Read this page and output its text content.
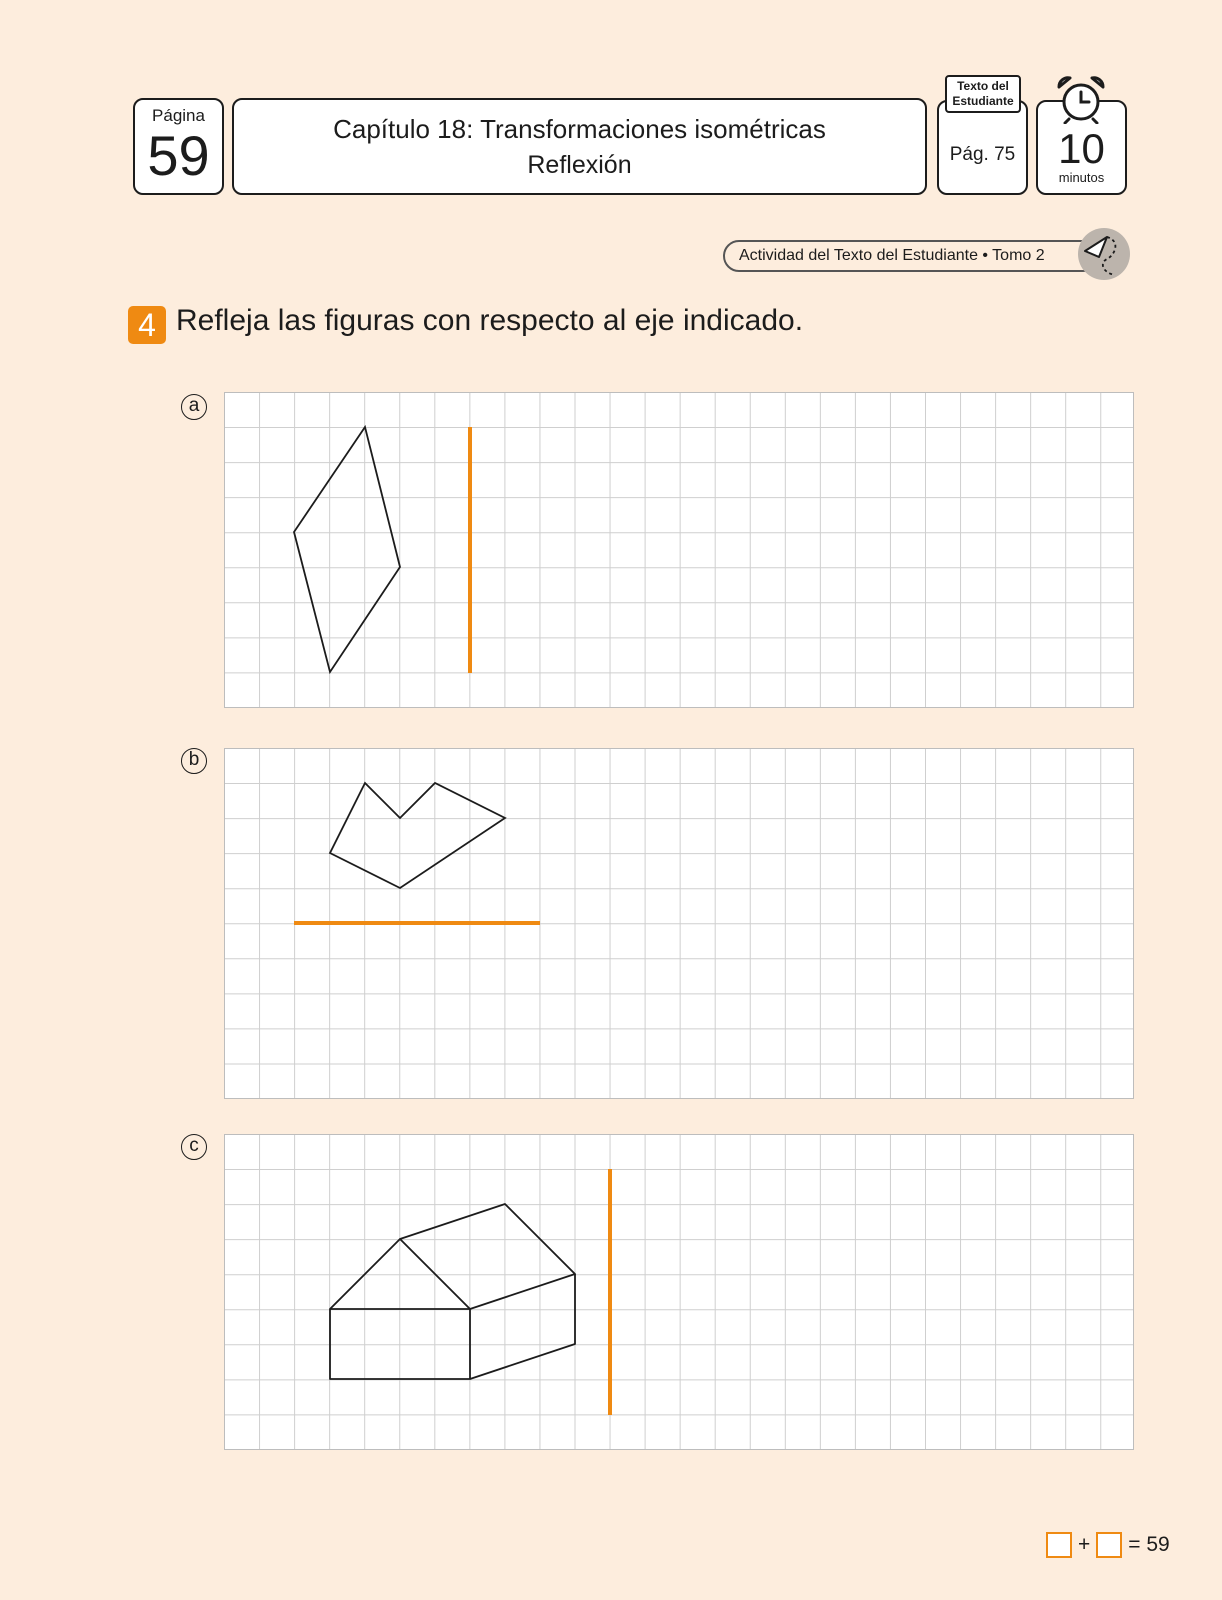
Página
59	Capítulo 18: Transformaciones isométricas
Reflexión	Pág. 75
Texto del
Estudiante
10
minutos
Actividad del Texto del Estudiante • Tomo 2
4 Refleja las figuras con respecto al eje indicado.
a
b
c
+ = 59
